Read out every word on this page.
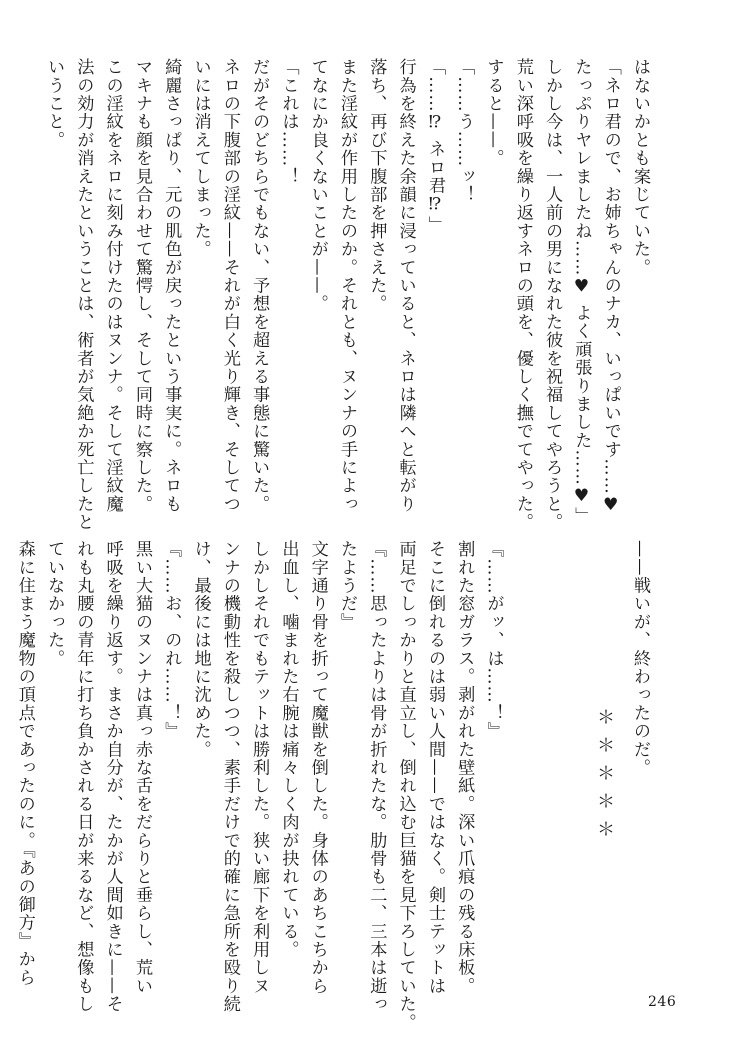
はないかとも案じていた。
「ネロ君ので、お姉ちゃんのナカ、いっぱいです……♥
たっぷりヤレましたね……♥ よく頑張りました……♥」
しかし今は、一人前の男になれた彼を祝福してやろうと。
荒い深呼吸を繰り返すネロの頭を、優しく撫でてやった。
すると——。
「……う……ッ！
「……⁉ ネロ君⁉」
行為を終えた余韻に浸っていると、ネロは隣へと転がり
落ち、再び下腹部を押さえた。
また淫紋が作用したのか。それとも、ヌンナの手によっ
てなにか良くないことが——。
「これは……！
だがそのどちらでもない、予想を超える事態に驚いた。
ネロの下腹部の淫紋——それが白く光り輝き、そしてつ
いには消えてしまった。
綺麗さっぱり、元の肌色が戻ったという事実に。ネロも
マキナも顔を見合わせて驚愕し、そして同時に察した。
この淫紋をネロに刻み付けたのはヌンナ。そして淫紋魔
法の効力が消えたということは、術者が気絶か死亡したと
いうこと。
——戦いが、終わったのだ。

『……がッ、は……！』
割れた窓ガラス。剥がれた壁紙。深い爪痕の残る床板。
そこに倒れるのは弱い人間——ではなく。剣士テットは
両足でしっかりと直立し、倒れ込む巨猫を見下ろしていた。
『……思ったよりは骨が折れたな。肋骨も二、三本は逝っ
たようだ』
文字通り骨を折って魔獣を倒した。身体のあちこちから
出血し、噛まれた右腕は痛々しく肉が抉れている。
しかしそれでもテットは勝利した。狭い廊下を利用しヌ
ンナの機動性を殺しつつ、素手だけで的確に急所を殴り続
け、最後には地に沈めた。
『……お、のれ……！』
黒い大猫のヌンナは真っ赤な舌をだらりと垂らし、荒い
呼吸を繰り返す。まさか自分が、たかが人間如きに——そ
れも丸腰の青年に打ち負かされる日が来るなど、想像もし
ていなかった。
森に住まう魔物の頂点であったのに。『あの御方』から	＊＊＊＊＊
246
